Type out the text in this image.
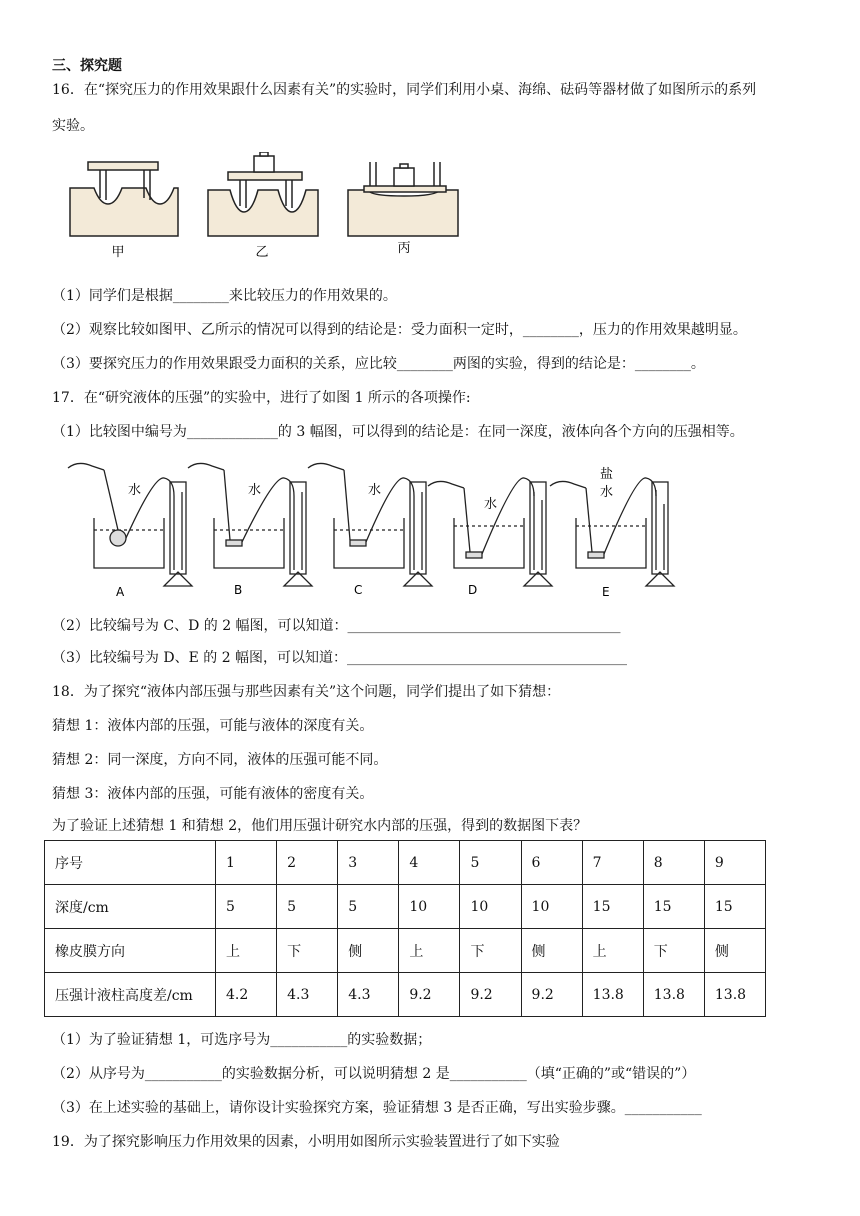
三、探究题
16．在“探究压力的作用效果跟什么因素有关”的实验时，同学们利用小桌、海绵、砝码等器材做了如图所示的系列
实验。
甲	乙	丙
（1）同学们是根据________来比较压力的作用效果的。
（2）观察比较如图甲、乙所示的情况可以得到的结论是：受力面积一定时，________，压力的作用效果越明显。
（3）要探究压力的作用效果跟受力面积的关系，应比较________两图的实验，得到的结论是：________。
17．在“研究液体的压强”的实验中，进行了如图 1 所示的各项操作:
（1）比较图中编号为_____________的 3 幅图，可以得到的结论是：在同一深度，液体向各个方向的压强相等。
水	水	水
水
盐 水
A	B	C	D	E
（2）比较编号为 C、D 的 2 幅图，可以知道：_______________________________________
（3）比较编号为 D、E 的 2 幅图，可以知道：________________________________________
18．为了探究“液体内部压强与那些因素有关”这个问题，同学们提出了如下猜想：
猜想 1：液体内部的压强，可能与液体的深度有关。
猜想 2：同一深度，方向不同，液体的压强可能不同。
猜想 3：液体内部的压强，可能有液体的密度有关。
为了验证上述猜想 1 和猜想 2，他们用压强计研究水内部的压强，得到的数据图下表？
序号	1	2	3	4	5	6	7	8	9
深度/cm	5	5	5	10	10	10	15	15	15
橡皮膜方向	上	下	侧	上	下	侧	上	下	侧
压强计液柱高度差/cm	4.2	4.3	4.3	9.2	9.2	9.2	13.8	13.8	13.8
（1）为了验证猜想 1，可选序号为___________的实验数据；
（2）从序号为___________的实验数据分析，可以说明猜想 2 是___________（填“正确的”或“错误的”）
（3）在上述实验的基础上，请你设计实验探究方案，验证猜想 3 是否正确，写出实验步骤。___________
19．为了探究影响压力作用效果的因素，小明用如图所示实验装置进行了如下实验
